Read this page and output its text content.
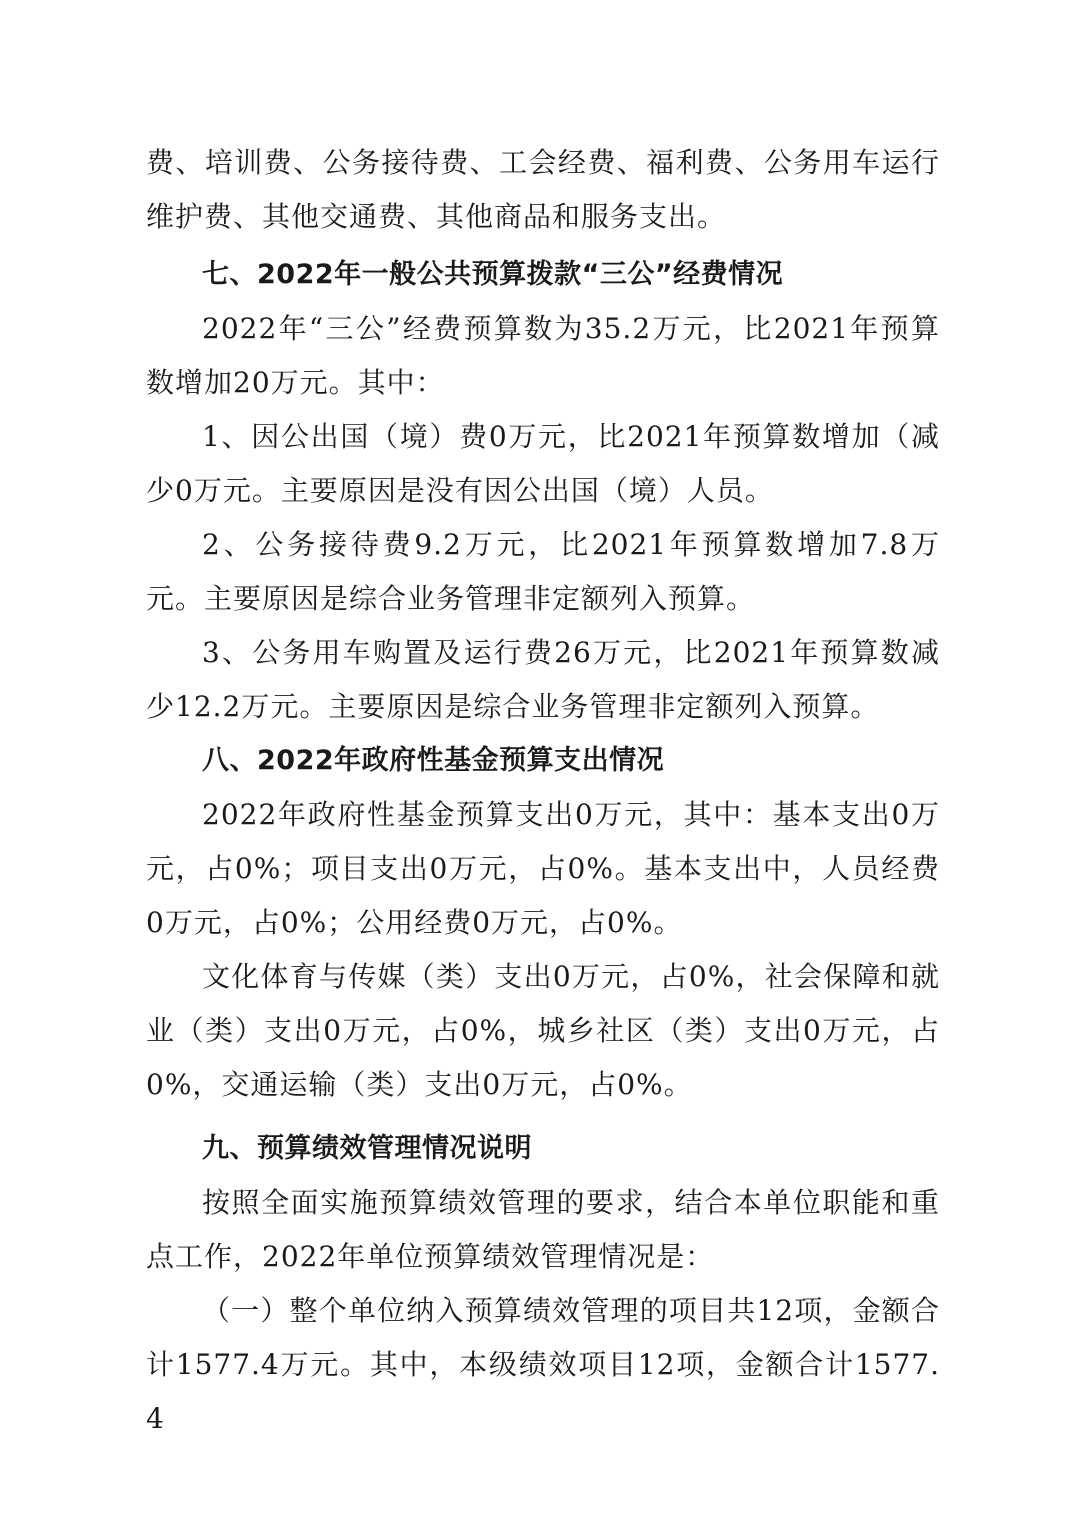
费、培训费、公务接待费、工会经费、福利费、公务用车运行维护费、其他交通费、其他商品和服务支出。

七、2022年一般公共预算拨款“三公”经费情况

2022年“三公”经费预算数为35.2万元，比2021年预算数增加20万元。其中：

1、因公出国（境）费0万元，比2021年预算数增加（减少0万元。主要原因是没有因公出国（境）人员。

2、公务接待费9.2万元，比2021年预算数增加7.8万元。主要原因是综合业务管理非定额列入预算。

3、公务用车购置及运行费26万元，比2021年预算数减少12.2万元。主要原因是综合业务管理非定额列入预算。

八、2022年政府性基金预算支出情况

2022年政府性基金预算支出0万元，其中：基本支出0万元，占0%；项目支出0万元，占0%。基本支出中，人员经费0万元，占0%；公用经费0万元，占0%。

文化体育与传媒（类）支出0万元，占0%，社会保障和就业（类）支出0万元，占0%，城乡社区（类）支出0万元，占0%，交通运输（类）支出0万元，占0%。

九、预算绩效管理情况说明

按照全面实施预算绩效管理的要求，结合本单位职能和重点工作，2022年单位预算绩效管理情况是：

（一）整个单位纳入预算绩效管理的项目共12项，金额合计1577.4万元。其中，本级绩效项目12项，金额合计1577.4
